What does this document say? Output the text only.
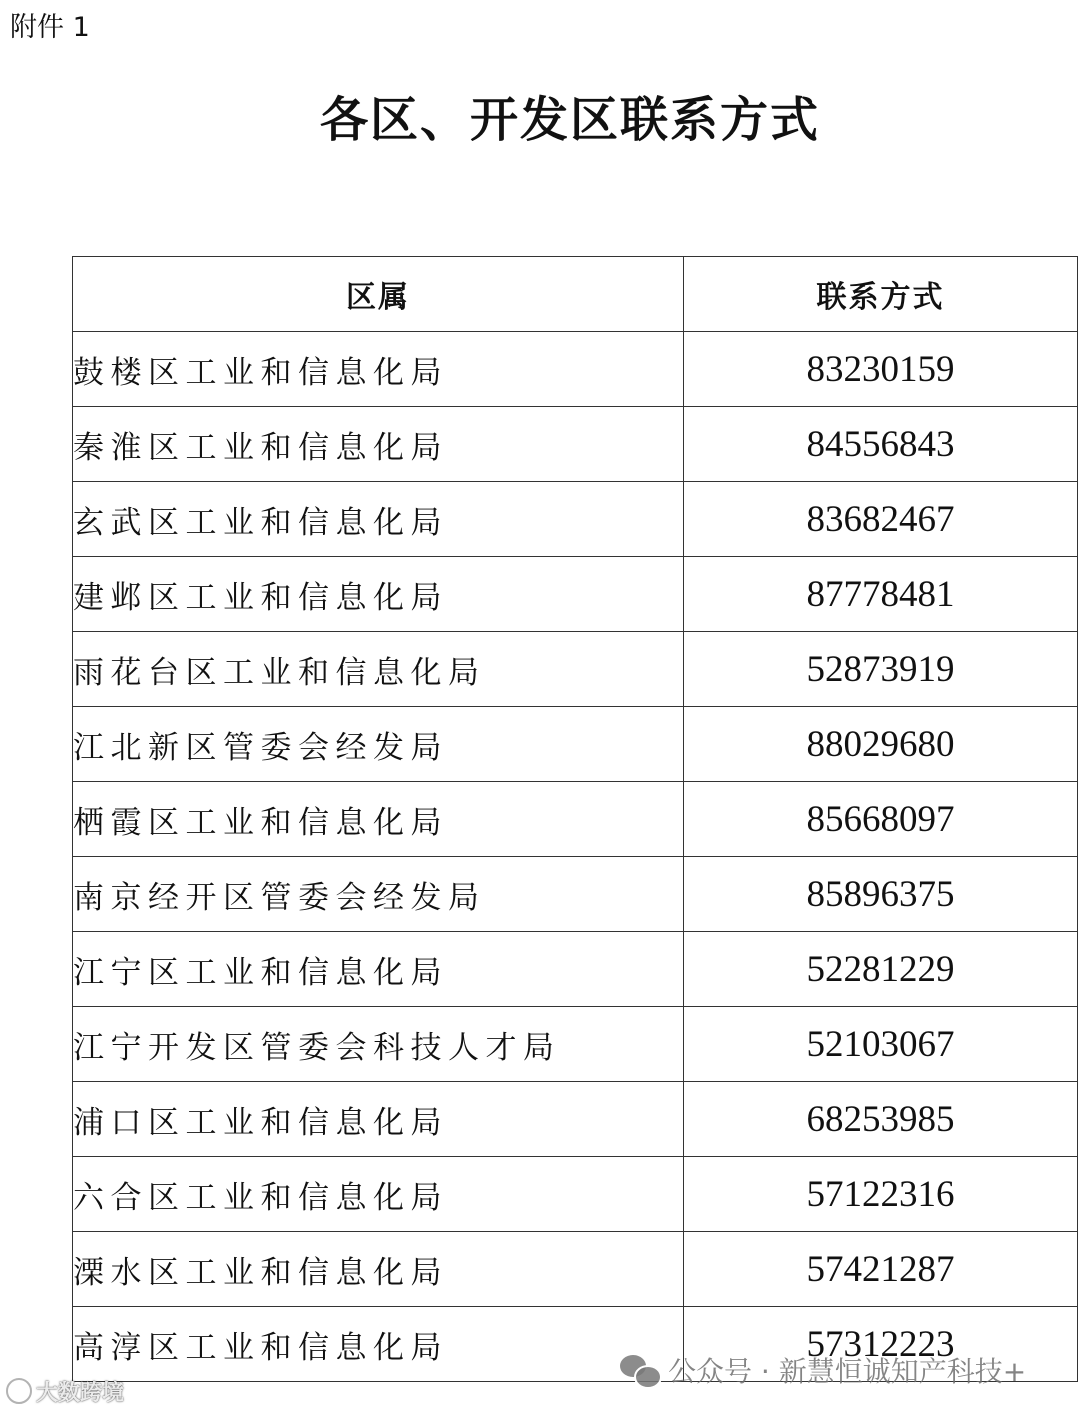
附件 1
各区、开发区联系方式
区属	联系方式
鼓楼区工业和信息化局	83230159
秦淮区工业和信息化局	84556843
玄武区工业和信息化局	83682467
建邺区工业和信息化局	87778481
雨花台区工业和信息化局	52873919
江北新区管委会经发局	88029680
栖霞区工业和信息化局	85668097
南京经开区管委会经发局	85896375
江宁区工业和信息化局	52281229
江宁开发区管委会科技人才局	52103067
浦口区工业和信息化局	68253985
六合区工业和信息化局	57122316
溧水区工业和信息化局	57421287
高淳区工业和信息化局	57312223
大数跨境
公众号 · 新慧恒诚知产科技+
